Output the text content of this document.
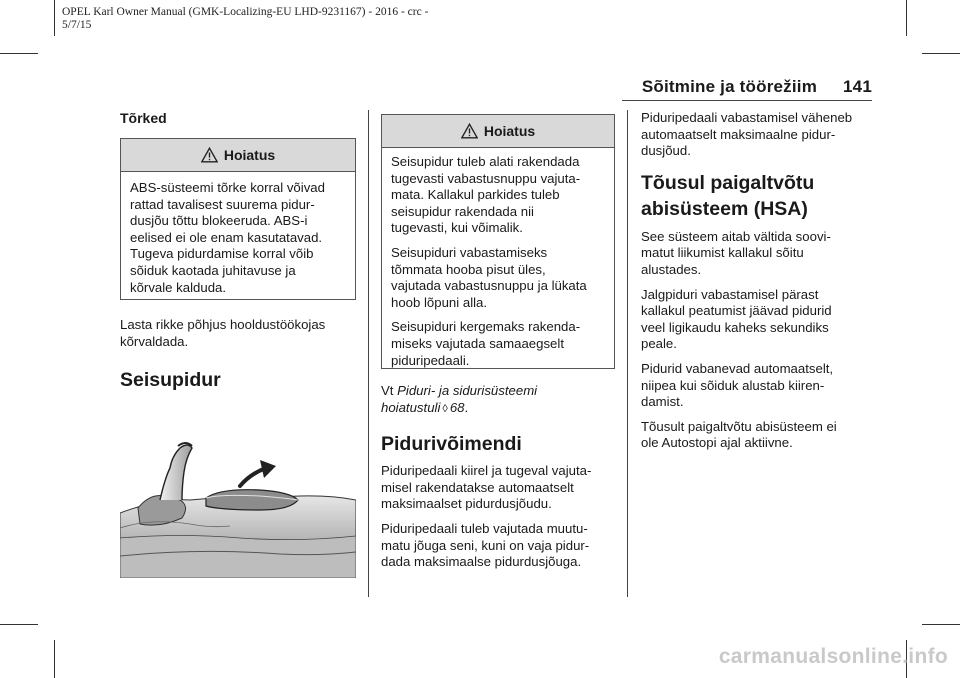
OPEL Karl Owner Manual (GMK-Localizing-EU LHD-9231167) - 2016 - crc -
5/7/15
Sõitmine ja töörežiim 141
Tõrked
Hoiatus

ABS-süsteemi tõrke korral võivad
rattad tavalisest suurema pidur-
dusjõu tõttu blokeeruda. ABS-i
eelised ei ole enam kasutatavad.
Tugeva pidurdamise korral võib
sõiduk kaotada juhitavuse ja
kõrvale kalduda.

Lasta rikke põhjus hooldustöökojas
kõrvaldada.

Seisupidur
Hoiatus

Seisupidur tuleb alati rakendada
tugevasti vabastusnuppu vajuta-
mata. Kallakul parkides tuleb
seisupidur rakendada nii
tugevasti, kui võimalik.

Seisupiduri vabastamiseks
tõmmata hooba pisut üles,
vajutada vabastusnuppu ja lükata
hoob lõpuni alla.

Seisupiduri kergemaks rakenda-
miseks vajutada samaaegselt
piduripedaali.

Vt Piduri- ja sidurisüsteemi
hoiatustuli ◊ 68.

Pidurivõimendi

Piduripedaali kiirel ja tugeval vajuta-
misel rakendatakse automaatselt
maksimaalset pidurdusjõudu.

Piduripedaali tuleb vajutada muutu-
matu jõuga seni, kuni on vaja pidur-
dada maksimaalse pidurdusjõuga.

Piduripedaali vabastamisel väheneb
automaatselt maksimaalne pidur-
dusjõud.

Tõusul paigaltvõtu
abisüsteem (HSA)

See süsteem aitab vältida soovi-
matut liikumist kallakul sõitu
alustades.

Jalgpiduri vabastamisel pärast
kallakul peatumist jäävad pidurid
veel ligikaudu kaheks sekundiks
peale.

Pidurid vabanevad automaatselt,
niipea kui sõiduk alustab kiiren-
damist.

Tõusult paigaltvõtu abisüsteem ei
ole Autostopi ajal aktiivne.

carmanualsonline.info
